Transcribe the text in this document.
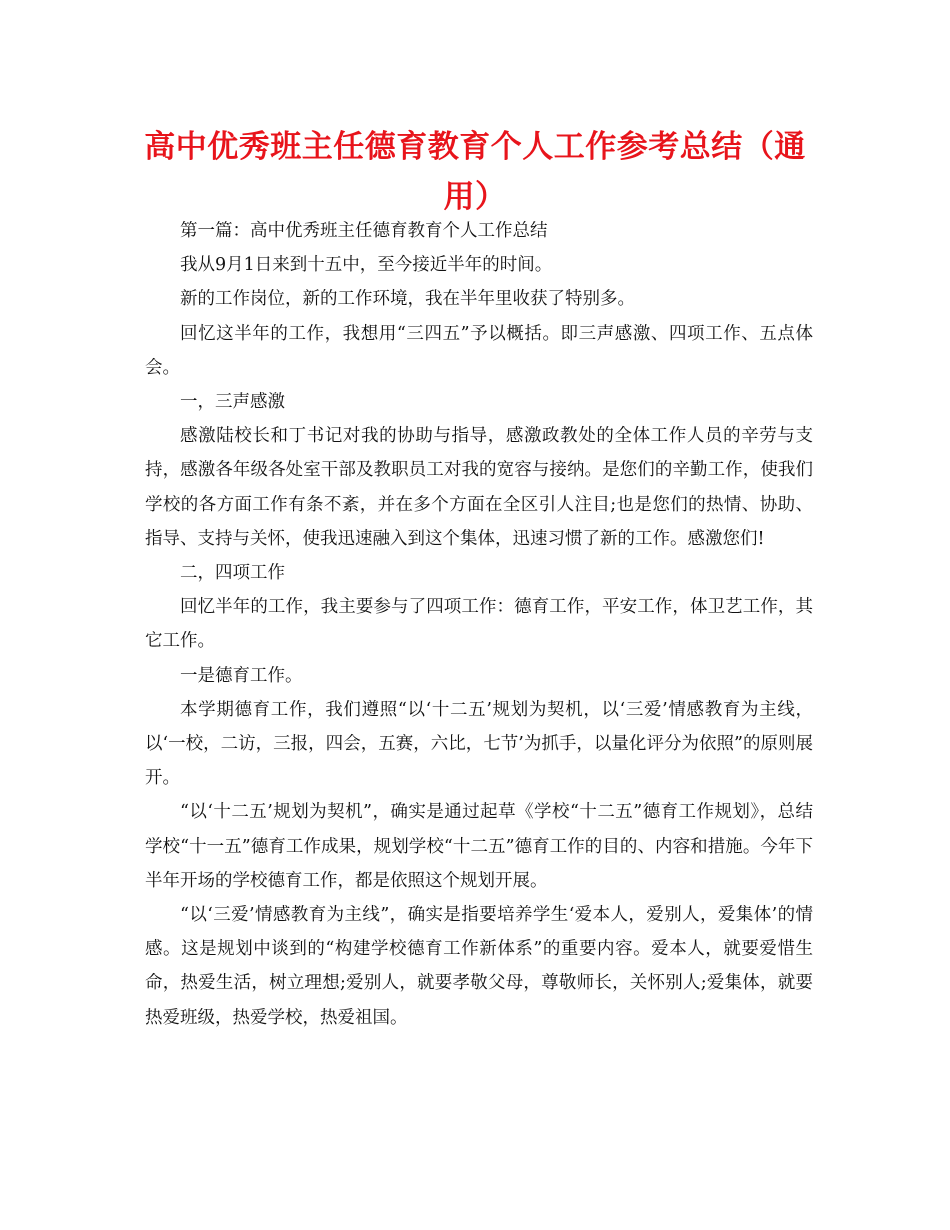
高中优秀班主任德育教育个人工作参考总结（通用）

第一篇：高中优秀班主任德育教育个人工作总结

我从9月1日来到十五中，至今接近半年的时间。

新的工作岗位，新的工作环境，我在半年里收获了特别多。

回忆这半年的工作，我想用“三四五”予以概括。即三声感激、四项工作、五点体会。

一，三声感激

感激陆校长和丁书记对我的协助与指导，感激政教处的全体工作人员的辛劳与支持，感激各年级各处室干部及教职员工对我的宽容与接纳。是您们的辛勤工作，使我们学校的各方面工作有条不紊，并在多个方面在全区引人注目;也是您们的热情、协助、指导、支持与关怀，使我迅速融入到这个集体，迅速习惯了新的工作。感激您们!

二，四项工作

回忆半年的工作，我主要参与了四项工作：德育工作，平安工作，体卫艺工作，其它工作。

一是德育工作。

本学期德育工作，我们遵照“以‘十二五’规划为契机，以‘三爱’情感教育为主线，以‘一校，二访，三报，四会，五赛，六比，七节’为抓手，以量化评分为依照”的原则展开。

“以‘十二五’规划为契机”，确实是通过起草《学校“十二五”德育工作规划》，总结学校“十一五”德育工作成果，规划学校“十二五”德育工作的目的、内容和措施。今年下半年开场的学校德育工作，都是依照这个规划开展。

“以‘三爱’情感教育为主线”，确实是指要培养学生‘爱本人，爱别人，爱集体’的情感。这是规划中谈到的“构建学校德育工作新体系”的重要内容。爱本人，就要爱惜生命，热爱生活，树立理想;爱别人，就要孝敬父母，尊敬师长，关怀别人;爱集体，就要热爱班级，热爱学校，热爱祖国。
